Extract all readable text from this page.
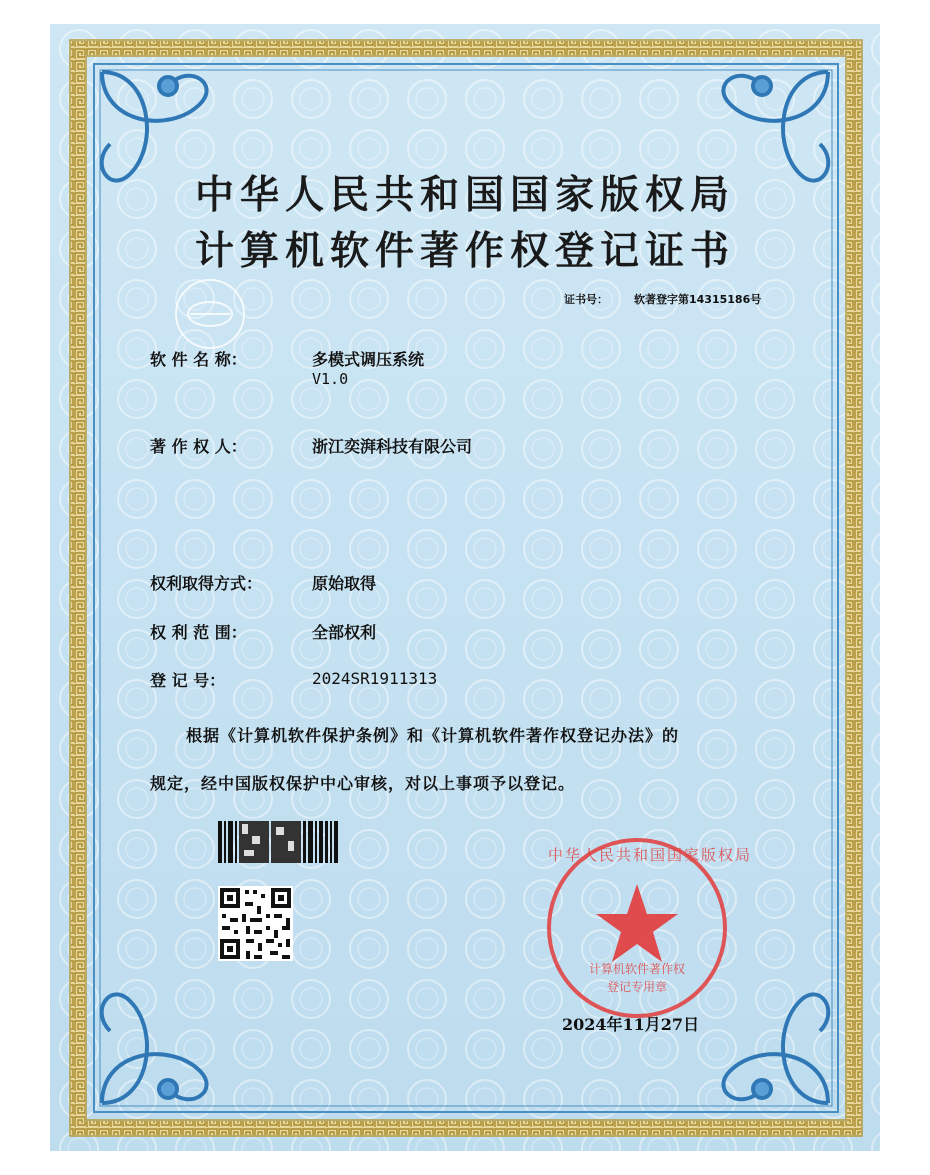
中华人民共和国国家版权局
计算机软件著作权登记证书
证书号： 软著登字第14315186号
软 件 名 称：	多模式调压系统
V1.0
著 作 权 人：	浙江奕湃科技有限公司
权利取得方式：	原始取得
权 利 范 围：	全部权利
登 记 号：	2024SR1911313
根据《计算机软件保护条例》和《计算机软件著作权登记办法》的
规定，经中国版权保护中心审核，对以上事项予以登记。
中华人民共和国国家版权局
计算机软件著作权
登记专用章
2024年11月27日
